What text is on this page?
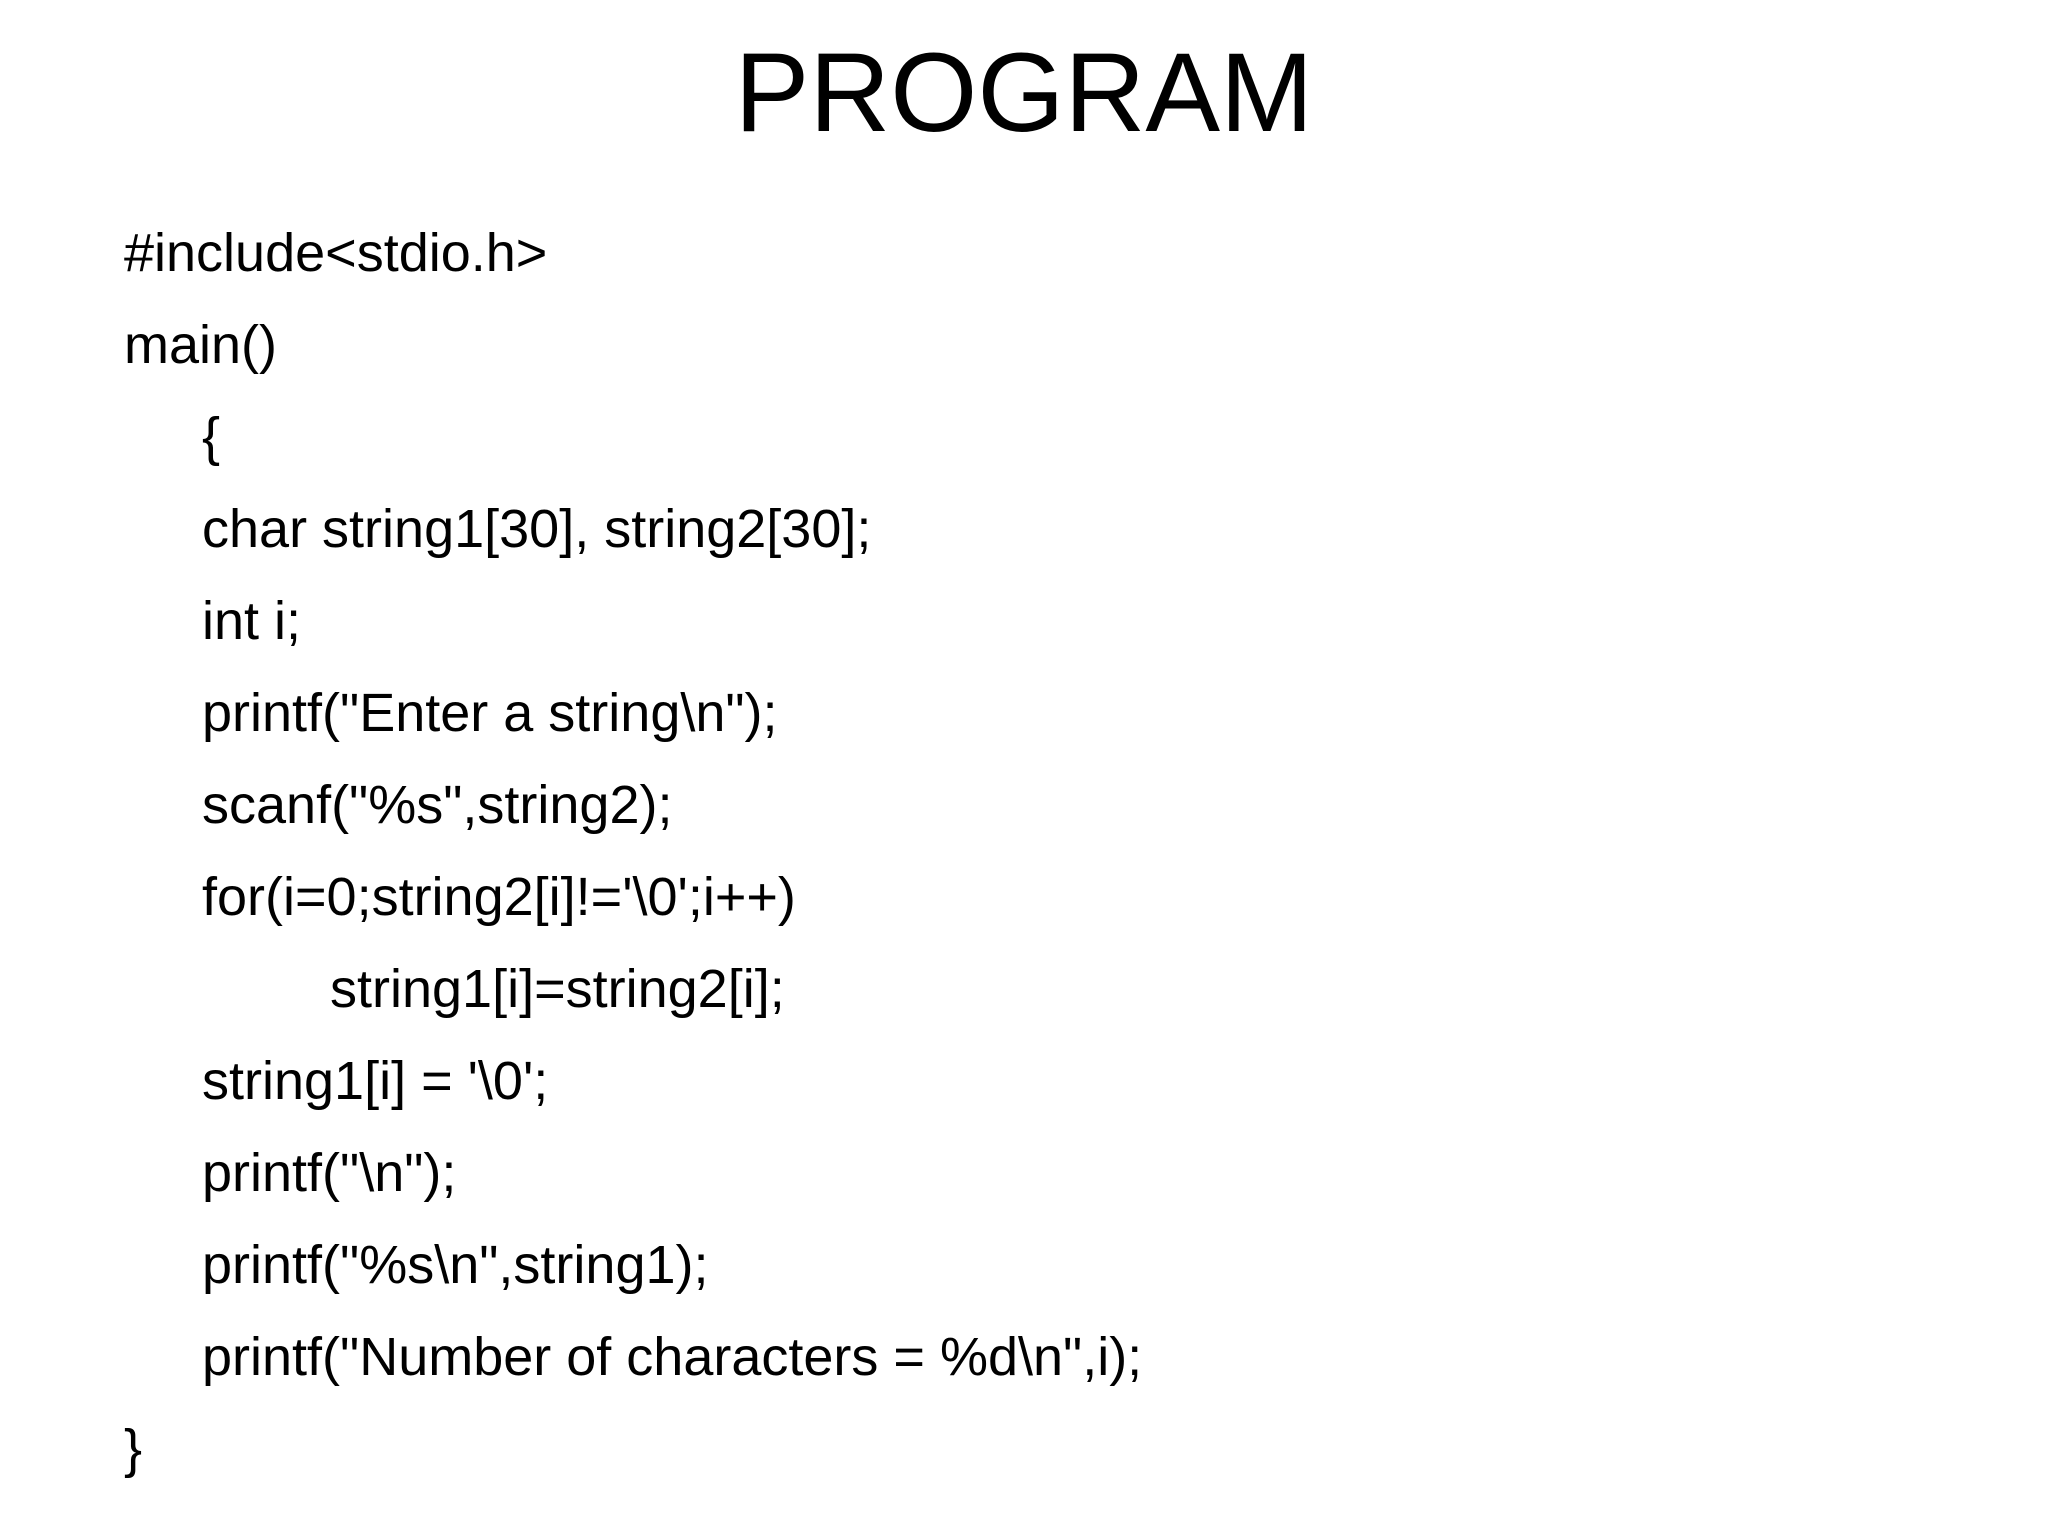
PROGRAM
#include<stdio.h>
main()
{
char string1[30], string2[30];
int i;
printf("Enter a string\n");
scanf("%s",string2);
for(i=0;string2[i]!='\0';i++)
string1[i]=string2[i];
string1[i] = '\0';
printf("\n");
printf("%s\n",string1);
printf("Number of characters = %d\n",i);
}
